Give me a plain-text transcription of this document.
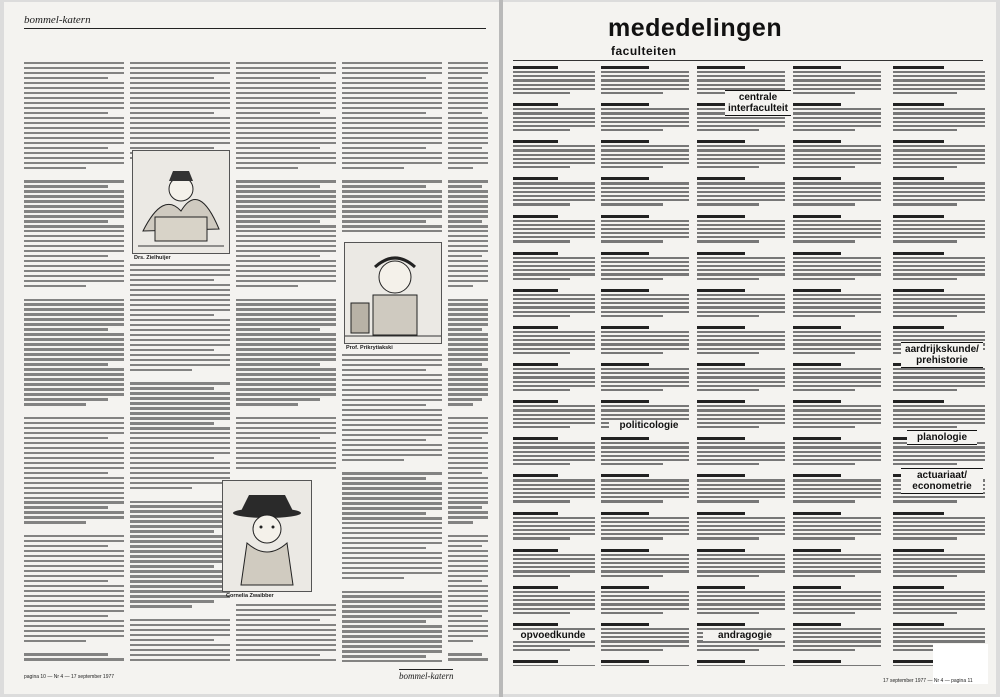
bommel-katern
Drs. Zielhuijer
Cornelia Zwaibber
Prof. Prikrytiakski
pagina 10 — Nr 4 — 17 september 1977	bommel-katern
mededelingen
faculteiten
centrale interfaculteit
politicologie
aardrijkskunde/ prehistorie
planologie
actuariaat/ econometrie
opvoedkunde	andragogie
17 september 1977 — Nr 4 — pagina 11
